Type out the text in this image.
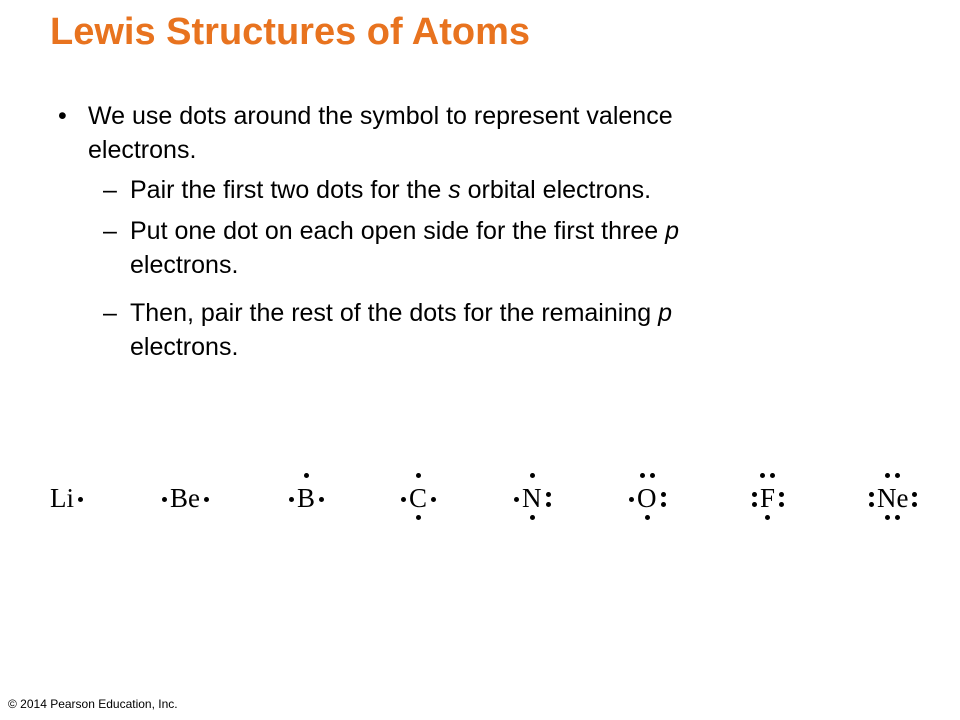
Lewis Structures of Atoms
• We use dots around the symbol to represent valence
electrons.
– Pair the first two dots for the s orbital electrons.
– Put one dot on each open side for the first three p
electrons.
– Then, pair the rest of the dots for the remaining p
electrons.
Li	Be	B	C	N	O	F	Ne
© 2014 Pearson Education, Inc.
